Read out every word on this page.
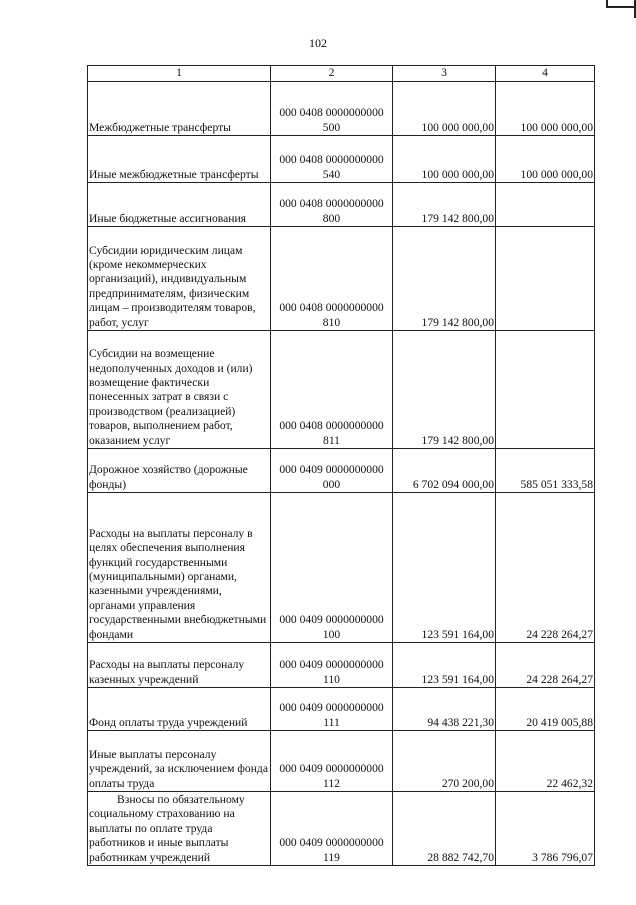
102
1	2	3	4
Межбюджетные трансферты	000 0408 0000000000 500	100 000 000,00	100 000 000,00
Иные межбюджетные трансферты	000 0408 0000000000 540	100 000 000,00	100 000 000,00
Иные бюджетные ассигнования	000 0408 0000000000 800	179 142 800,00	
Субсидии юридическим лицам (кроме некоммерческих организаций), индивидуальным предпринимателям, физическим лицам – производителям товаров, работ, услуг	000 0408 0000000000 810	179 142 800,00	
Субсидии на возмещение недополученных доходов и (или) возмещение фактически понесенных затрат в связи с производством (реализацией) товаров, выполнением работ, оказанием услуг	000 0408 0000000000 811	179 142 800,00	
Дорожное хозяйство (дорожные фонды)	000 0409 0000000000 000	6 702 094 000,00	585 051 333,58
Расходы на выплаты персоналу в целях обеспечения выполнения функций государственными (муниципальными) органами, казенными учреждениями, органами управления государственными внебюджетными фондами	000 0409 0000000000 100	123 591 164,00	24 228 264,27
Расходы на выплаты персоналу казенных учреждений	000 0409 0000000000 110	123 591 164,00	24 228 264,27
Фонд оплаты труда учреждений	000 0409 0000000000 111	94 438 221,30	20 419 005,88
Иные выплаты персоналу учреждений, за исключением фонда оплаты труда	000 0409 0000000000 112	270 200,00	22 462,32
Взносы по обязательному социальному страхованию на выплаты по оплате труда работников и иные выплаты работникам учреждений	000 0409 0000000000 119	28 882 742,70	3 786 796,07
